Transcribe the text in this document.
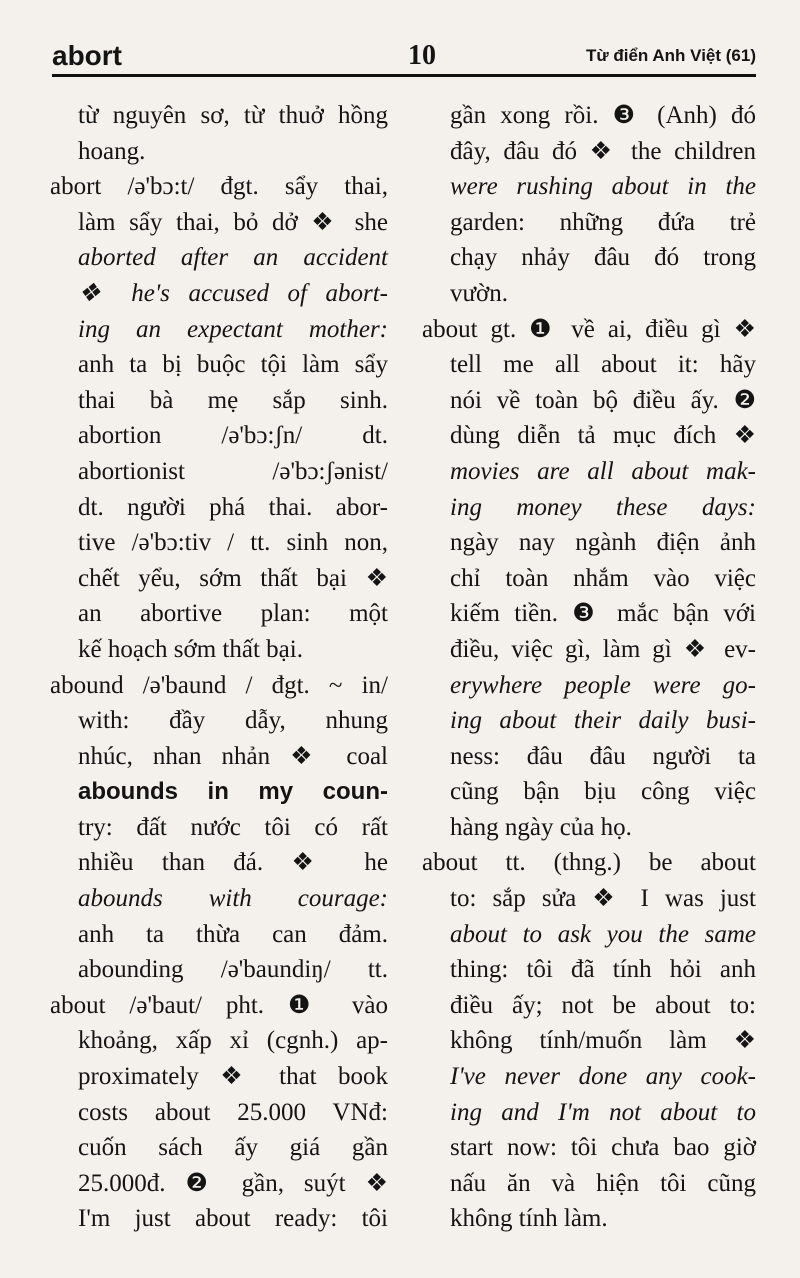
abort	10	Từ điển Anh Việt (61)
từ nguyên sơ, từ thuở hồng
hoang.
abort /ə'bɔ:t/ đgt. sẩy thai,
làm sẩy thai, bỏ dở ❖ she
aborted after an accident
❖ he's accused of abort-
ing an expectant mother:
anh ta bị buộc tội làm sẩy
thai bà mẹ sắp sinh.
abortion /ə'bɔ:ʃn/ dt.
abortionist /ə'bɔ:ʃənist/
dt. người phá thai. abor-
tive /ə'bɔ:tiv / tt. sinh non,
chết yểu, sớm thất bại ❖
an abortive plan: một
kế hoạch sớm thất bại.
abound /ə'baund / đgt. ~ in/
with: đầy dẫy, nhung
nhúc, nhan nhản ❖ coal
abounds in my coun-
try: đất nước tôi có rất
nhiều than đá. ❖ he
abounds with courage:
anh ta thừa can đảm.
abounding /ə'baundiŋ/ tt.
about /ə'baut/ pht. ❶ vào
khoảng, xấp xỉ (cgnh.) ap-
proximately ❖ that book
costs about 25.000 VNđ:
cuốn sách ấy giá gần
25.000đ. ❷ gần, suýt ❖
I'm just about ready: tôi
gần xong rồi. ❸ (Anh) đó
đây, đâu đó ❖ the children
were rushing about in the
garden: những đứa trẻ
chạy nhảy đâu đó trong
vườn.
about gt. ❶ về ai, điều gì ❖
tell me all about it: hãy
nói về toàn bộ điều ấy. ❷
dùng diễn tả mục đích ❖
movies are all about mak-
ing money these days:
ngày nay ngành điện ảnh
chỉ toàn nhắm vào việc
kiếm tiền. ❸ mắc bận với
điều, việc gì, làm gì ❖ ev-
erywhere people were go-
ing about their daily busi-
ness: đâu đâu người ta
cũng bận bịu công việc
hàng ngày của họ.
about tt. (thng.) be about
to: sắp sửa ❖ I was just
about to ask you the same
thing: tôi đã tính hỏi anh
điều ấy; not be about to:
không tính/muốn làm ❖
I've never done any cook-
ing and I'm not about to
start now: tôi chưa bao giờ
nấu ăn và hiện tôi cũng
không tính làm.
